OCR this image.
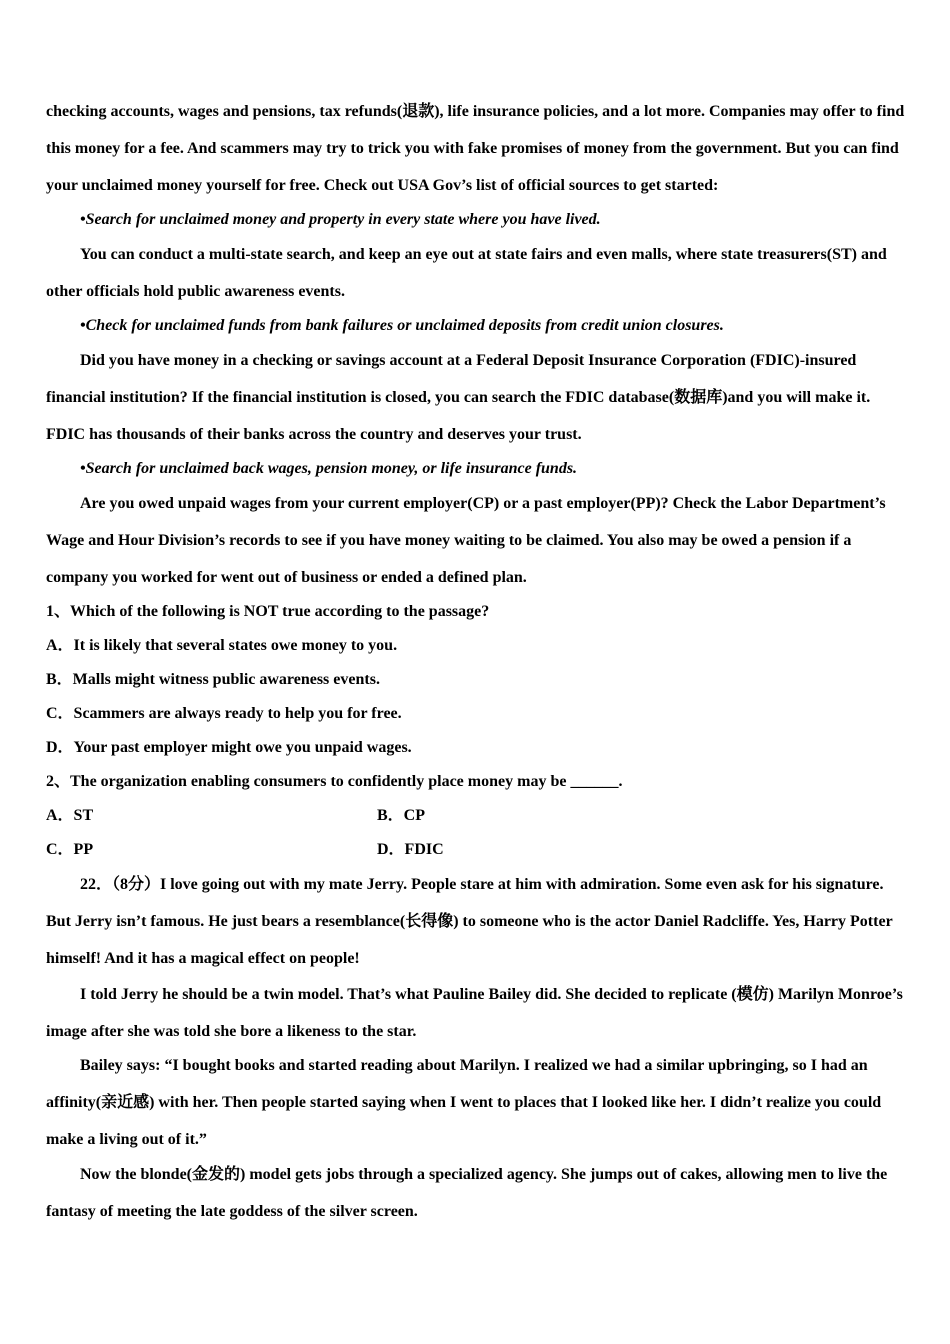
checking accounts, wages and pensions, tax refunds(退款), life insurance policies, and a lot more. Companies may offer to find this money for a fee. And scammers may try to trick you with fake promises of money from the government. But you can find your unclaimed money yourself for free. Check out USA Gov’s list of official sources to get started:

•Search for unclaimed money and property in every state where you have lived.

You can conduct a multi-state search, and keep an eye out at state fairs and even malls, where state treasurers(ST) and other officials hold public awareness events.

•Check for unclaimed funds from bank failures or unclaimed deposits from credit union closures.

Did you have money in a checking or savings account at a Federal Deposit Insurance Corporation (FDIC)-insured financial institution? If the financial institution is closed, you can search the FDIC database(数据库)and you will make it. FDIC has thousands of their banks across the country and deserves your trust.

•Search for unclaimed back wages, pension money, or life insurance funds.

Are you owed unpaid wages from your current employer(CP) or a past employer(PP)? Check the Labor Department’s Wage and Hour Division’s records to see if you have money waiting to be claimed. You also may be owed a pension if a company you worked for went out of business or ended a defined plan.

1、Which of the following is NOT true according to the passage?

A．It is likely that several states owe money to you.

B．Malls might witness public awareness events.

C．Scammers are always ready to help you for free.

D．Your past employer might owe you unpaid wages.

2、The organization enabling consumers to confidently place money may be ______.

A．ST	B．CP

C．PP	D．FDIC

22．（8分）I love going out with my mate Jerry. People stare at him with admiration. Some even ask for his signature. But Jerry isn’t famous. He just bears a resemblance(长得像) to someone who is the actor Daniel Radcliffe. Yes, Harry Potter himself! And it has a magical effect on people!

I told Jerry he should be a twin model. That’s what Pauline Bailey did. She decided to replicate (模仿) Marilyn Monroe’s image after she was told she bore a likeness to the star.

Bailey says: “I bought books and started reading about Marilyn. I realized we had a similar upbringing, so I had an affinity(亲近感) with her. Then people started saying when I went to places that I looked like her. I didn’t realize you could make a living out of it.”

Now the blonde(金发的) model gets jobs through a specialized agency. She jumps out of cakes, allowing men to live the fantasy of meeting the late goddess of the silver screen.
